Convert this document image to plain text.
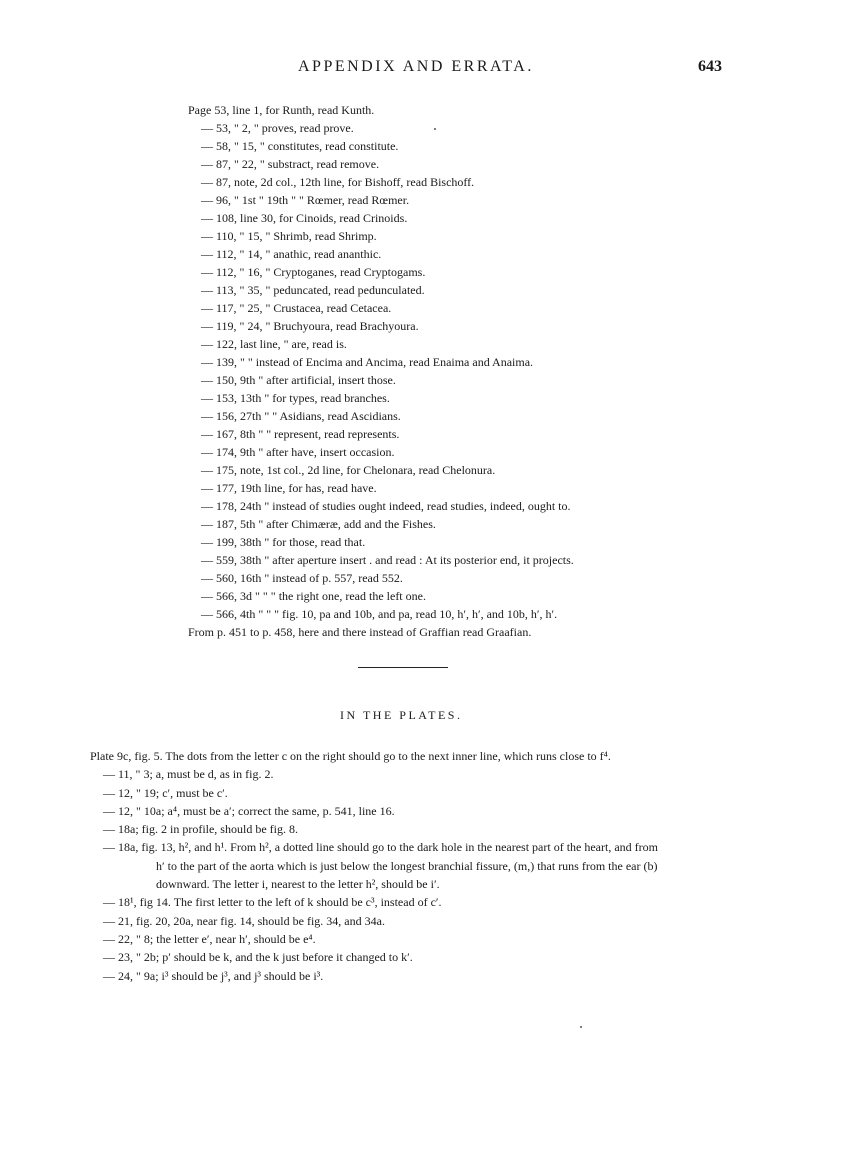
APPENDIX AND ERRATA.	643
Page 53, line 1, for Runth, read Kunth.
— 53, " 2, " proves, read prove.
— 58, " 15, " constitutes, read constitute.
— 87, " 22, " substract, read remove.
— 87, note, 2d col., 12th line, for Bishoff, read Bischoff.
— 96, " 1st " 19th " " Rœmer, read Rœmer.
— 108, line 30, for Cinoids, read Crinoids.
— 110, " 15, " Shrimb, read Shrimp.
— 112, " 14, " anathic, read ananthic.
— 112, " 16, " Cryptoganes, read Cryptogams.
— 113, " 35, " peduncated, read pedunculated.
— 117, " 25, " Crustacea, read Cetacea.
— 119, " 24, " Bruchyoura, read Brachyoura.
— 122, last line, " are, read is.
— 139, " " instead of Encima and Ancima, read Enaima and Anaima.
— 150, 9th " after artificial, insert those.
— 153, 13th " for types, read branches.
— 156, 27th " " Asidians, read Ascidians.
— 167, 8th " " represent, read represents.
— 174, 9th " after have, insert occasion.
— 175, note, 1st col., 2d line, for Chelonara, read Chelonura.
— 177, 19th line, for has, read have.
— 178, 24th " instead of studies ought indeed, read studies, indeed, ought to.
— 187, 5th " after Chimæræ, add and the Fishes.
— 199, 38th " for those, read that.
— 559, 38th " after aperture insert . and read : At its posterior end, it projects.
— 560, 16th " instead of p. 557, read 552.
— 566, 3d " " " the right one, read the left one.
— 566, 4th " " " fig. 10, pa and 10b, and pa, read 10, h′, h′, and 10b, h′, h′.
From p. 451 to p. 458, here and there instead of Graffian read Graafian.
IN THE PLATES.
Plate 9c, fig. 5. The dots from the letter c on the right should go to the next inner line, which runs close to f⁴.
— 11, " 3; a, must be d, as in fig. 2.
— 12, " 19; c′, must be c′.
— 12, " 10a; a⁴, must be a′; correct the same, p. 541, line 16.
— 18a; fig. 2 in profile, should be fig. 8.
— 18a, fig. 13, h², and h¹. From h², a dotted line should go to the dark hole in the nearest part of the heart, and from
h′ to the part of the aorta which is just below the longest branchial fissure, (m,) that runs from the ear (b)
downward. The letter i, nearest to the letter h², should be i′.
— 18¹, fig 14. The first letter to the left of k should be c³, instead of c′.
— 21, fig. 20, 20a, near fig. 14, should be fig. 34, and 34a.
— 22, " 8; the letter e′, near h′, should be e⁴.
— 23, " 2b; p′ should be k, and the k just before it changed to k′.
— 24, " 9a; i³ should be j³, and j³ should be i³.
